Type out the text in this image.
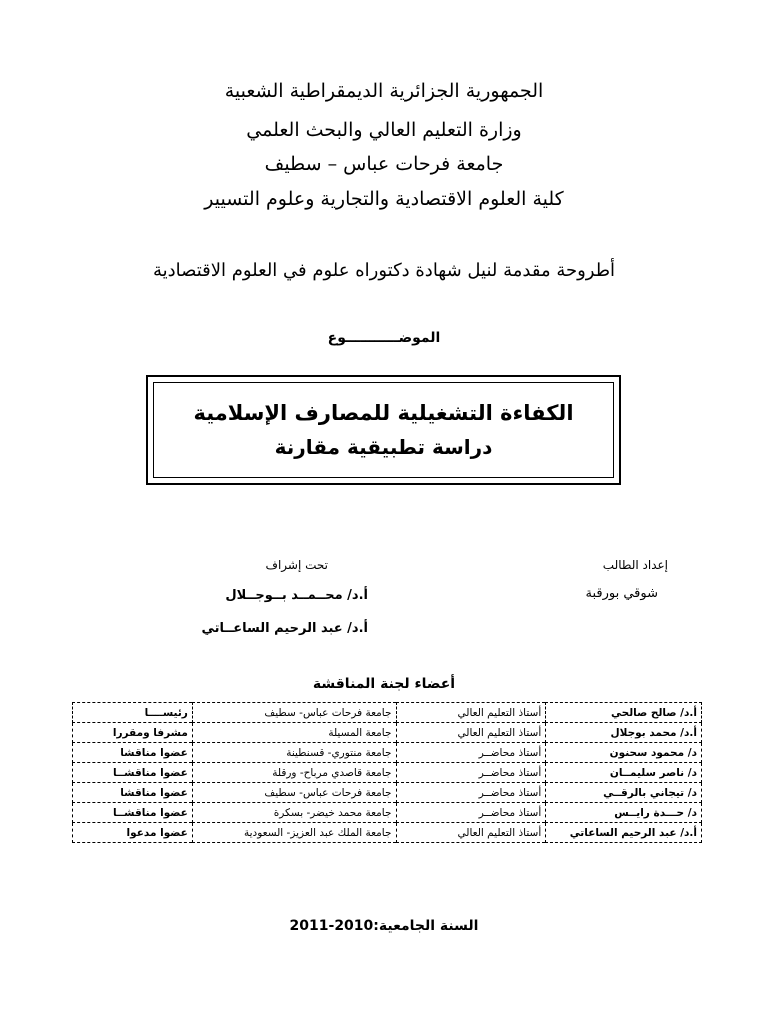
الجمهورية الجزائرية الديمقراطية الشعبية
وزارة التعليم العالي والبحث العلمي
جامعة فرحات عباس – سطيف
كلية العلوم الاقتصادية والتجارية وعلوم التسيير
أطروحة مقدمة لنيل شهادة دكتوراه علوم في العلوم الاقتصادية
الموضـــــــــــوع
الكفاءة التشغيلية للمصارف الإسلامية
دراسة تطبيقية مقارنة
إعداد الطالب
شوقي بورقبة
تحت إشراف
أ.د/ محــمــد بــوجــلال
أ.د/ عبد الرحيم الساعــاتي
أعضاء لجنة المناقشة
أ.د/ صالح صالحي	أستاذ التعليم العالي	جامعة فرحات عباس- سطيف	رئيســــا
أ.د/ محمد بوجلال	أستاذ التعليم العالي	جامعة المسيلة	مشرفا ومقررا
د/ محمود سحنون	أستاذ محاضــر	جامعة منتوري- قسنطينة	عضوا مناقشا
د/ ناصر سليمــان	أستاذ محاضــر	جامعة قاصدي مرباح- ورقلة	عضوا مناقشــا
د/ تيجاني بالرقــي	أستاذ محاضــر	جامعة فرحات عباس- سطيف	عضوا مناقشا
د/ حـــدة رايــس	أستاذ محاضــر	جامعة محمد خيضر- بسكرة	عضوا مناقشــا
أ.د/ عبد الرحيم الساعاتي	أستاذ التعليم العالي	جامعة الملك عبد العزيز- السعودية	عضوا مدعوا
السنة الجامعية:2010-2011
